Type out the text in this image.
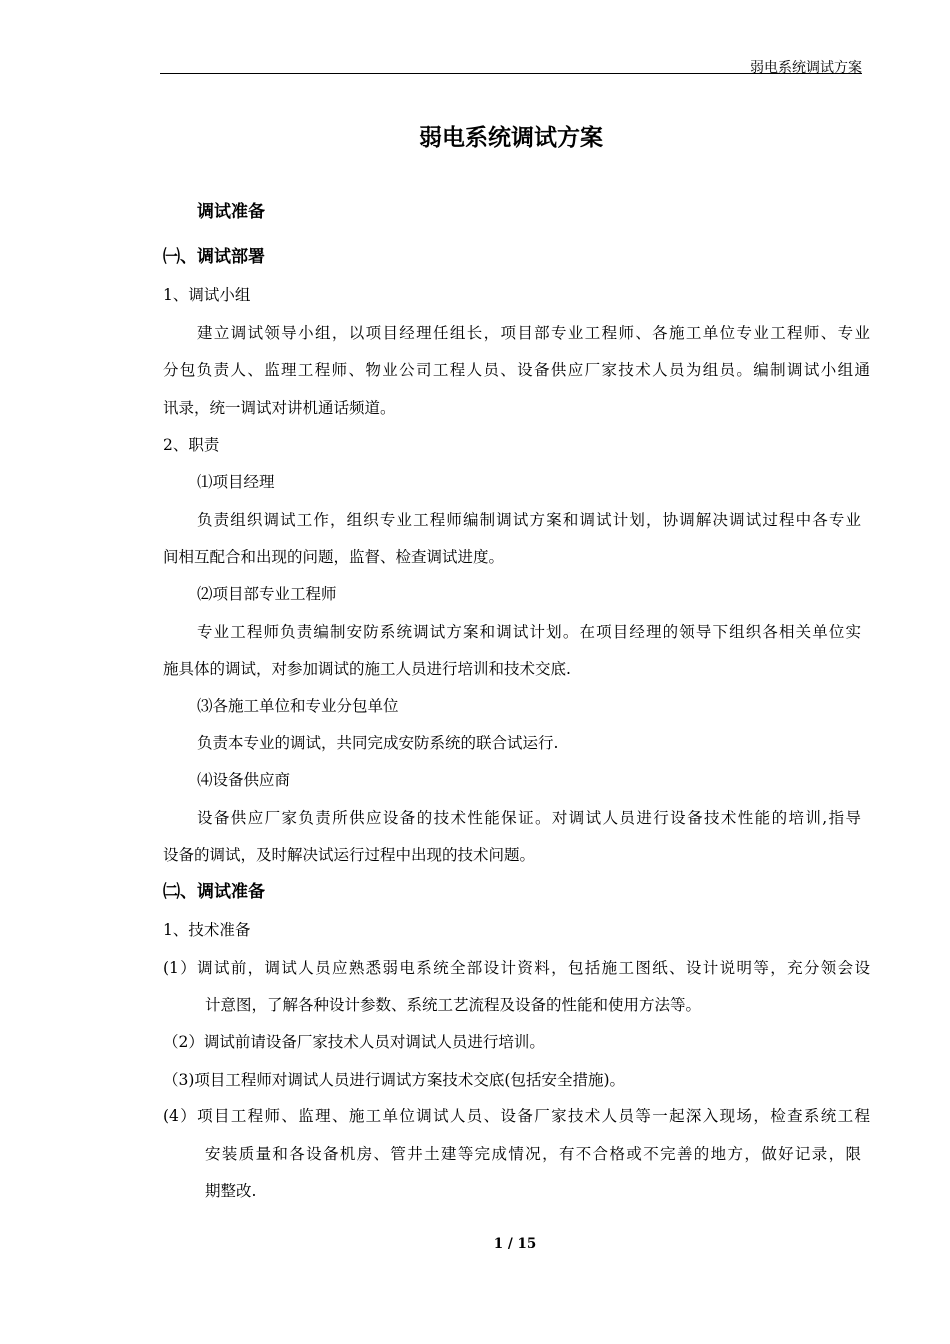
弱电系统调试方案
弱电系统调试方案
调试准备
㈠、调试部署
1、调试小组
建立调试领导小组，以项目经理任组长，项目部专业工程师、各施工单位专业工程师、专业
分包负责人、监理工程师、物业公司工程人员、设备供应厂家技术人员为组员。编制调试小组通
讯录，统一调试对讲机通话频道。
2、职责
⑴项目经理
负责组织调试工作，组织专业工程师编制调试方案和调试计划，协调解决调试过程中各专业
间相互配合和出现的问题，监督、检查调试进度。
⑵项目部专业工程师
专业工程师负责编制安防系统调试方案和调试计划。在项目经理的领导下组织各相关单位实
施具体的调试，对参加调试的施工人员进行培训和技术交底.
⑶各施工单位和专业分包单位
负责本专业的调试，共同完成安防系统的联合试运行.
⑷设备供应商
设备供应厂家负责所供应设备的技术性能保证。对调试人员进行设备技术性能的培训,指导
设备的调试，及时解决试运行过程中出现的技术问题。
㈡、调试准备
1、技术准备
(1）调试前，调试人员应熟悉弱电系统全部设计资料，包括施工图纸、设计说明等，充分领会设
计意图，了解各种设计参数、系统工艺流程及设备的性能和使用方法等。
（2）调试前请设备厂家技术人员对调试人员进行培训。
（3)项目工程师对调试人员进行调试方案技术交底(包括安全措施)。
(4）项目工程师、监理、施工单位调试人员、设备厂家技术人员等一起深入现场，检查系统工程
安装质量和各设备机房、管井土建等完成情况，有不合格或不完善的地方，做好记录，限
期整改.
1 / 15
